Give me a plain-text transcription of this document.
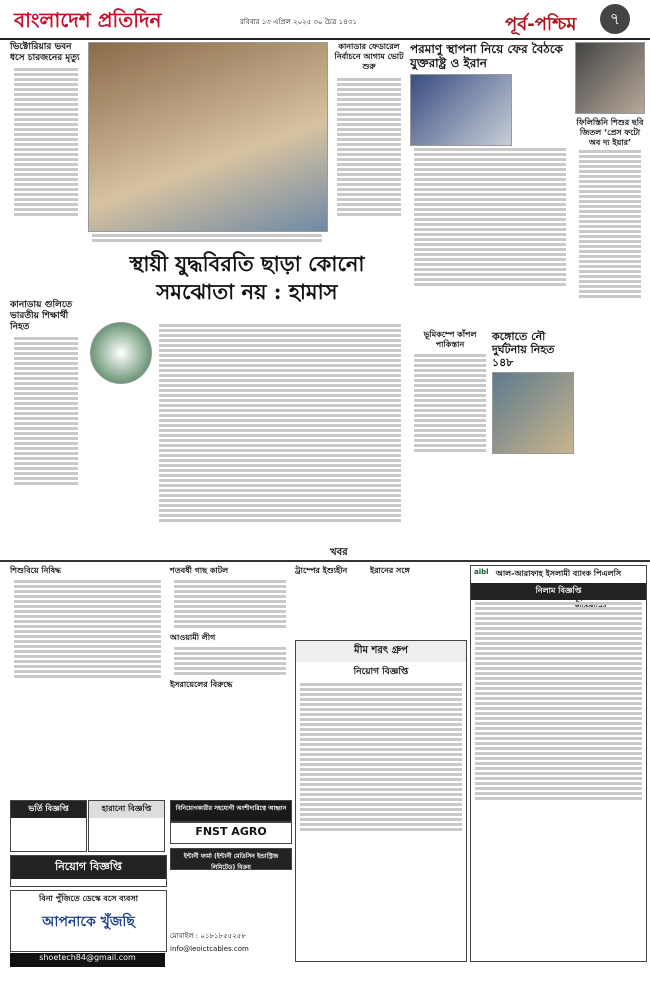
বাংলাদেশ প্রতিদিন	রবিবার ১৩ এপ্রিল ২০২৫ ৩০ চৈত্র ১৪৩১	পূর্ব-পশ্চিম	৭
ভিক্টোরিয়ার ভবন ধসে চারজনের মৃত্যু
কানাডার ফেডারেল নির্বাচনে আগাম ভোট শুরু
পরমাণু স্থাপনা নিয়ে ফের বৈঠকে যুক্তরাষ্ট্র ও ইরান
ফিলিস্তিনি শিশুর ছবি জিতল ‘প্রেস ফটো অব দ্য ইয়ার’
স্থায়ী যুদ্ধবিরতি ছাড়া কোনো সমঝোতা নয় : হামাস
কানাডায় গুলিতে ভারতীয় শিক্ষার্থী নিহত
ভূমিকম্পে কাঁপল পাকিস্তান
কঙ্গোতে নৌ দুর্ঘটনায় নিহত ১৪৮
খবর
শিশুবিয়ে নিষিদ্ধ	শতবর্ষী গাছ কাটল
আওয়ামী লীগ
ইসরায়েলের বিরুদ্ধে
ট্রাম্পের ইশ্যুহীন	ইরানের সঙ্গে
ভর্তি বিজ্ঞপ্তি	হারানো বিজ্ঞপ্তি
নিয়োগ বিজ্ঞপ্তি
বিনা পুঁজিতে ডেস্কে বসে ব্যবসা
আপনাকে খুঁজছি
shoetech84@gmail.com
বিনিয়োগকারীর সহযোগী অংশীদারিত্বে আহ্বান
FNST AGRO
ইন্টার্নী ফার্মা (ইন্টার্নী মেডিসিন ইন্ডাস্ট্রিজ লিমিটেড) বিক্রয়
মোবাইল : ০১৮১৮৫৫২৫৮
info@leoictcables.com
মীম শরৎ গ্রুপ
নিয়োগ বিজ্ঞপ্তি
আল-আরাফাহ ইসলামী ব্যাংক পিএলসি
নিলাম বিজ্ঞপ্তি
aibl
